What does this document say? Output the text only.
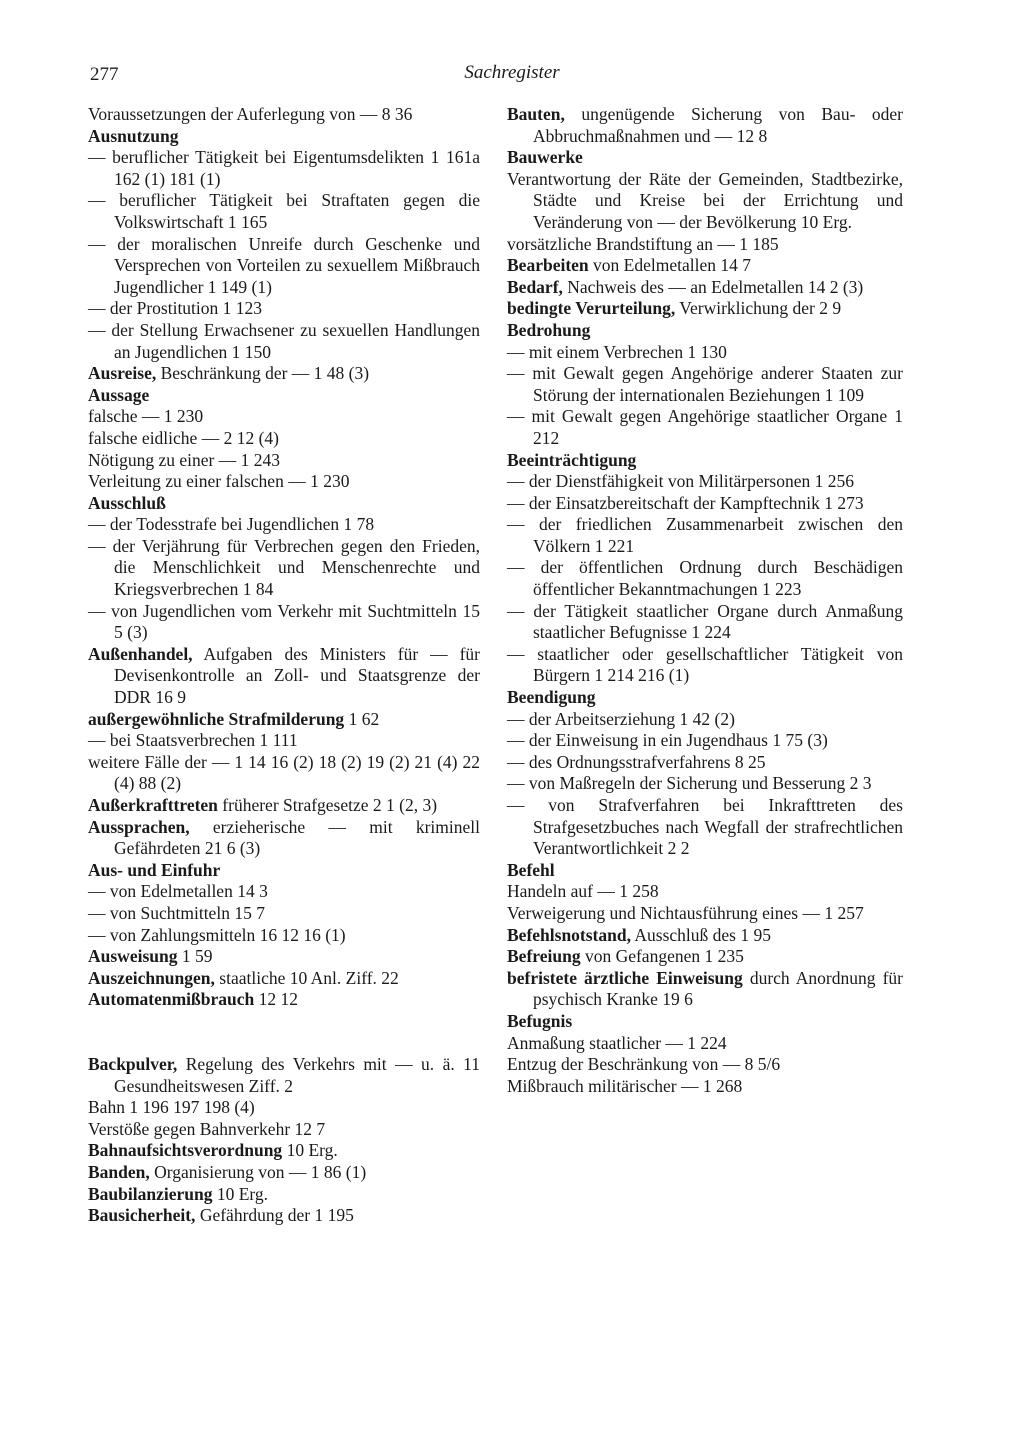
277	Sachregister
Voraussetzungen der Auferlegung von — 8 36
Ausnutzung
— beruflicher Tätigkeit bei Eigentumsdelikten 1 161a 162 (1) 181 (1)
— beruflicher Tätigkeit bei Straftaten gegen die Volkswirtschaft 1 165
— der moralischen Unreife durch Geschenke und Versprechen von Vorteilen zu sexuellem Mißbrauch Jugendlicher 1 149 (1)
— der Prostitution 1 123
— der Stellung Erwachsener zu sexuellen Handlungen an Jugendlichen 1 150
Ausreise, Beschränkung der — 1 48 (3)
Aussage
falsche — 1 230
falsche eidliche — 2 12 (4)
Nötigung zu einer — 1 243
Verleitung zu einer falschen — 1 230
Ausschluß
— der Todesstrafe bei Jugendlichen 1 78
— der Verjährung für Verbrechen gegen den Frieden, die Menschlichkeit und Menschenrechte und Kriegsverbrechen 1 84
— von Jugendlichen vom Verkehr mit Suchtmitteln 15 5 (3)
Außenhandel, Aufgaben des Ministers für — für Devisenkontrolle an Zoll- und Staatsgrenze der DDR 16 9
außergewöhnliche Strafmilderung 1 62
— bei Staatsverbrechen 1 111
weitere Fälle der — 1 14 16 (2) 18 (2) 19 (2) 21 (4) 22 (4) 88 (2)
Außerkrafttreten früherer Strafgesetze 2 1 (2, 3)
Aussprachen, erzieherische — mit kriminell Gefährdeten 21 6 (3)
Aus- und Einfuhr
— von Edelmetallen 14 3
— von Suchtmitteln 15 7
— von Zahlungsmitteln 16 12 16 (1)
Ausweisung 1 59
Auszeichnungen, staatliche 10 Anl. Ziff. 22
Automatenmißbrauch 12 12
Backpulver, Regelung des Verkehrs mit — u. ä. 11 Gesundheitswesen Ziff. 2
Bahn 1 196 197 198 (4)
Verstöße gegen Bahnverkehr 12 7
Bahnaufsichtsverordnung 10 Erg.
Banden, Organisierung von — 1 86 (1)
Baubilanzierung 10 Erg.
Bausicherheit, Gefährdung der 1 195
Bauten, ungenügende Sicherung von Bau- oder Abbruchmaßnahmen und — 12 8
Bauwerke
Verantwortung der Räte der Gemeinden, Stadtbezirke, Städte und Kreise bei der Errichtung und Veränderung von — der Bevölkerung 10 Erg.
vorsätzliche Brandstiftung an — 1 185
Bearbeiten von Edelmetallen 14 7
Bedarf, Nachweis des — an Edelmetallen 14 2 (3)
bedingte Verurteilung, Verwirklichung der 2 9
Bedrohung
— mit einem Verbrechen 1 130
— mit Gewalt gegen Angehörige anderer Staaten zur Störung der internationalen Beziehungen 1 109
— mit Gewalt gegen Angehörige staatlicher Organe 1 212
Beeinträchtigung
— der Dienstfähigkeit von Militärpersonen 1 256
— der Einsatzbereitschaft der Kampftechnik 1 273
— der friedlichen Zusammenarbeit zwischen den Völkern 1 221
— der öffentlichen Ordnung durch Beschädigen öffentlicher Bekanntmachungen 1 223
— der Tätigkeit staatlicher Organe durch Anmaßung staatlicher Befugnisse 1 224
— staatlicher oder gesellschaftlicher Tätigkeit von Bürgern 1 214 216 (1)
Beendigung
— der Arbeitserziehung 1 42 (2)
— der Einweisung in ein Jugendhaus 1 75 (3)
— des Ordnungsstrafverfahrens 8 25
— von Maßregeln der Sicherung und Besserung 2 3
— von Strafverfahren bei Inkrafttreten des Strafgesetzbuches nach Wegfall der strafrechtlichen Verantwortlichkeit 2 2
Befehl
Handeln auf — 1 258
Verweigerung und Nichtausführung eines — 1 257
Befehlsnotstand, Ausschluß des 1 95
Befreiung von Gefangenen 1 235
befristete ärztliche Einweisung durch Anordnung für psychisch Kranke 19 6
Befugnis
Anmaßung staatlicher — 1 224
Entzug der Beschränkung von — 8 5/6
Mißbrauch militärischer — 1 268
